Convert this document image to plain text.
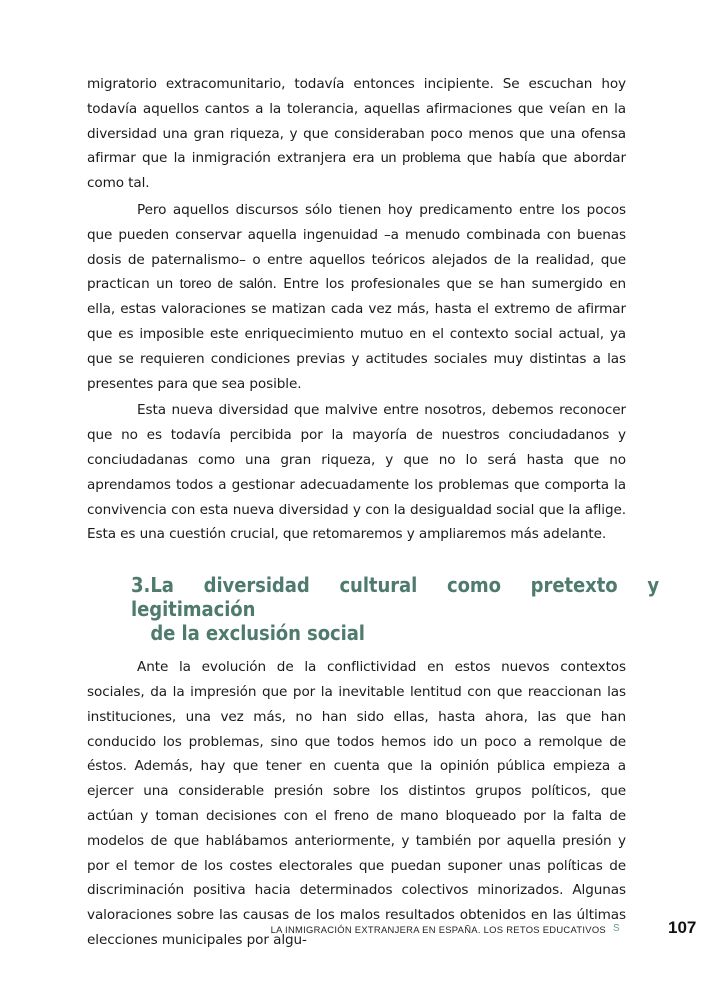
migratorio extracomunitario, todavía entonces incipiente. Se escuchan hoy todavía aquellos cantos a la tolerancia, aquellas afirmaciones que veían en la diversidad una gran riqueza, y que consideraban poco menos que una ofensa afirmar que la inmigración extranjera era un problema que había que abordar como tal.

Pero aquellos discursos sólo tienen hoy predicamento entre los pocos que pueden conservar aquella ingenuidad –a menudo combinada con buenas dosis de paternalismo– o entre aquellos teóricos alejados de la realidad, que practican un toreo de salón. Entre los profesionales que se han sumergido en ella, estas valoraciones se matizan cada vez más, hasta el extremo de afirmar que es imposible este enriquecimiento mutuo en el contexto social actual, ya que se requieren condiciones previas y actitudes sociales muy distintas a las presentes para que sea posible.

Esta nueva diversidad que malvive entre nosotros, debemos reconocer que no es todavía percibida por la mayoría de nuestros conciudadanos y conciudadanas como una gran riqueza, y que no lo será hasta que no aprendamos todos a gestionar adecuadamente los problemas que comporta la convivencia con esta nueva diversidad y con la desigualdad social que la aflige. Esta es una cuestión crucial, que retomaremos y ampliaremos más adelante.

3.La diversidad cultural como pretexto y legitimación
de la exclusión social

Ante la evolución de la conflictividad en estos nuevos contextos sociales, da la impresión que por la inevitable lentitud con que reaccionan las instituciones, una vez más, no han sido ellas, hasta ahora, las que han conducido los problemas, sino que todos hemos ido un poco a remolque de éstos. Además, hay que tener en cuenta que la opinión pública empieza a ejercer una considerable presión sobre los distintos grupos políticos, que actúan y toman decisiones con el freno de mano bloqueado por la falta de modelos de que hablábamos anteriormente, y también por aquella presión y por el temor de los costes electorales que puedan suponer unas políticas de discriminación positiva hacia determinados colectivos minorizados. Algunas valoraciones sobre las causas de los malos resultados obtenidos en las últimas elecciones municipales por algu-

LA INMIGRACIÓN EXTRANJERA EN ESPAÑA. LOS RETOS EDUCATIVOS S	107
